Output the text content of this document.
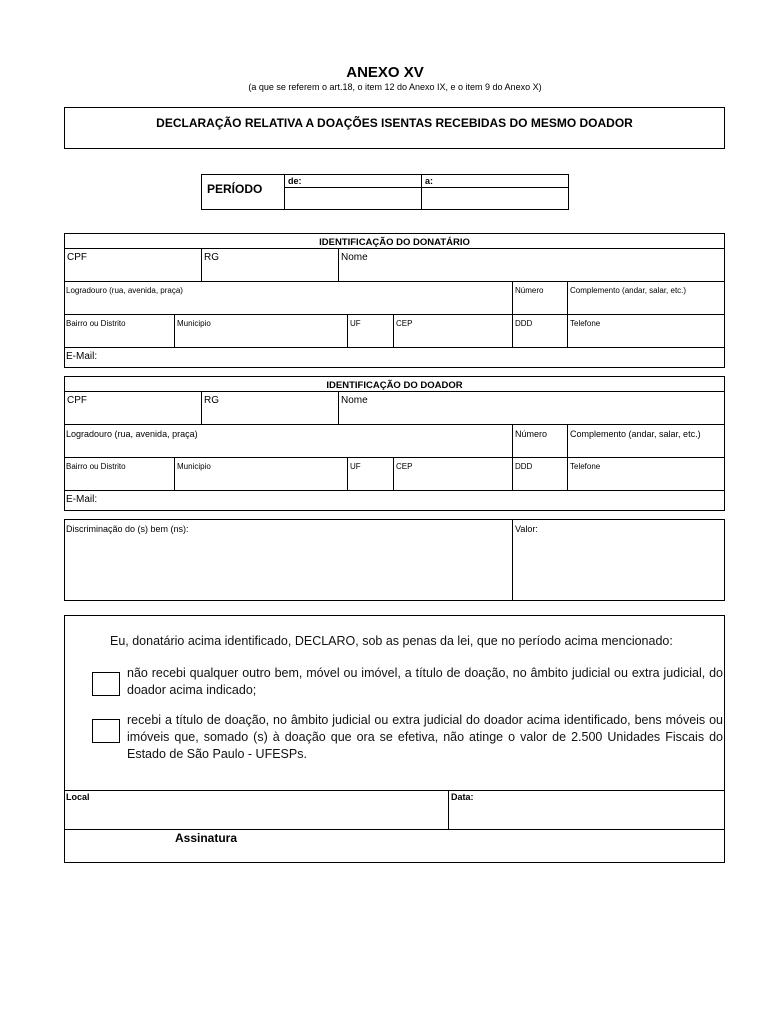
ANEXO XV
(a que se referem o art.18, o item 12 do Anexo IX, e o item 9 do Anexo X)
DECLARAÇÃO RELATIVA A DOAÇÕES ISENTAS RECEBIDAS DO MESMO DOADOR
PERÍODO
de:	a:
IDENTIFICAÇÃO DO DONATÁRIO
CPF	RG	Nome
Logradouro (rua, avenida, praça)	Número	Complemento (andar, salar, etc.)
Bairro ou Distrito	Municipio	UF	CEP	DDD	Telefone
E-Mail:
IDENTIFICAÇÃO DO DOADOR
CPF	RG	Nome
Logradouro (rua, avenida, praça)	Número	Complemento (andar, salar, etc.)
Bairro ou Distrito	Municipio	UF	CEP	DDD	Telefone
E-Mail:
Discriminação do (s) bem (ns):	Valor:
Eu, donatário acima identificado, DECLARO, sob as penas da lei, que no período acima mencionado:
não recebi qualquer outro bem, móvel ou imóvel, a título de doação, no âmbito judicial ou extra judicial, do doador acima indicado;
recebi a título de doação, no âmbito judicial ou extra judicial do doador acima identificado, bens móveis ou imóveis que, somado (s) à doação que ora se efetiva, não atinge o valor de 2.500 Unidades Fiscais do Estado de São Paulo - UFESPs.
Local	Data:
Assinatura
